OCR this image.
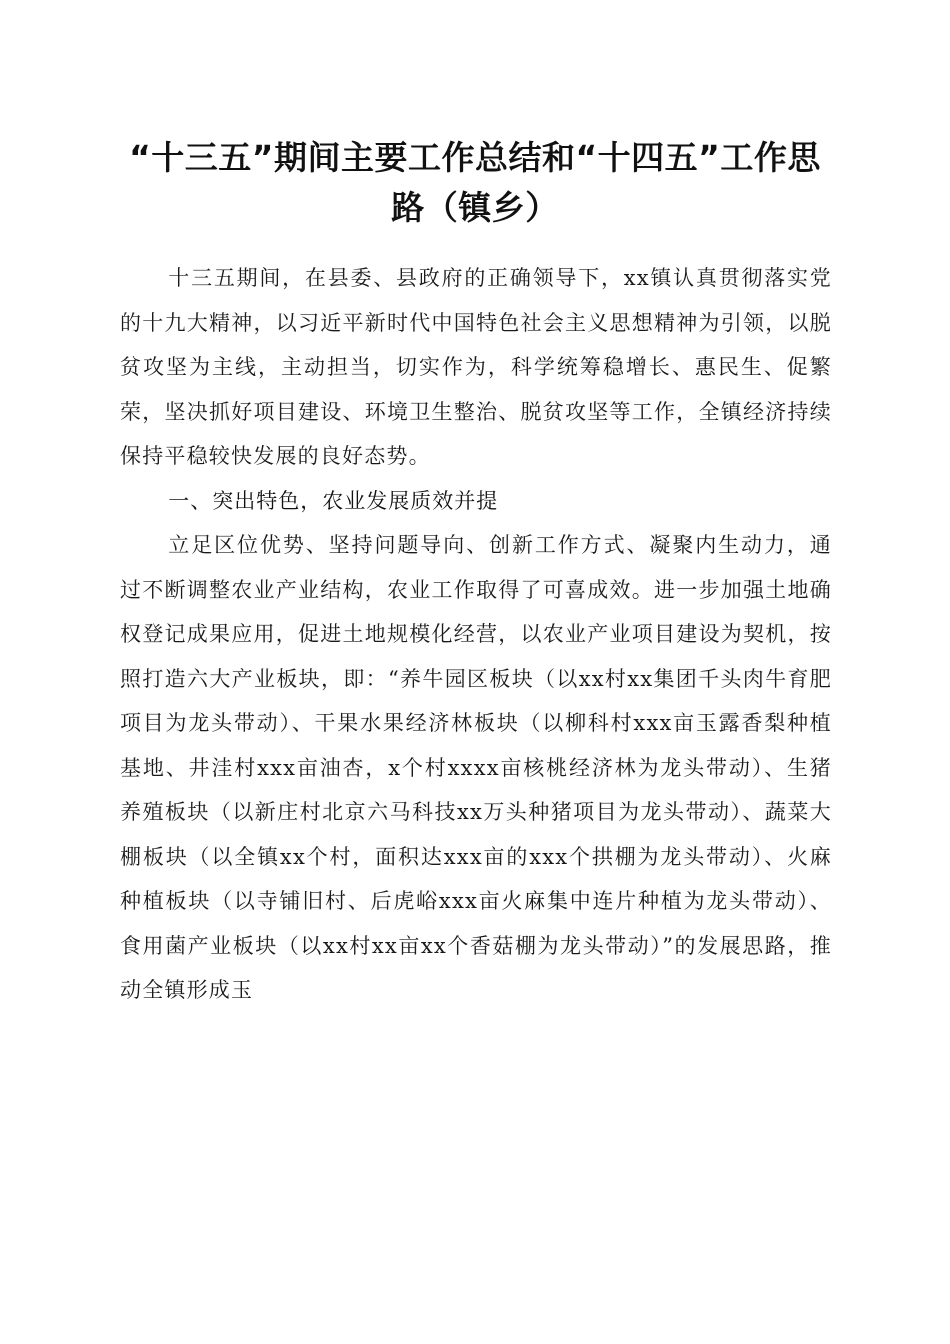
“十三五”期间主要工作总结和“十四五”工作思路（镇乡）

十三五期间，在县委、县政府的正确领导下，xx镇认真贯彻落实党的十九大精神，以习近平新时代中国特色社会主义思想精神为引领，以脱贫攻坚为主线，主动担当，切实作为，科学统筹稳增长、惠民生、促繁荣，坚决抓好项目建设、环境卫生整治、脱贫攻坚等工作，全镇经济持续保持平稳较快发展的良好态势。

一、突出特色，农业发展质效并提

立足区位优势、坚持问题导向、创新工作方式、凝聚内生动力，通过不断调整农业产业结构，农业工作取得了可喜成效。进一步加强土地确权登记成果应用，促进土地规模化经营，以农业产业项目建设为契机，按照打造六大产业板块，即：“养牛园区板块（以xx村xx集团千头肉牛育肥项目为龙头带动）、干果水果经济林板块（以柳科村xxx亩玉露香梨种植基地、井洼村xxx亩油杏，x个村xxxx亩核桃经济林为龙头带动）、生猪养殖板块（以新庄村北京六马科技xx万头种猪项目为龙头带动）、蔬菜大棚板块（以全镇xx个村，面积达xxx亩的xxx个拱棚为龙头带动）、火麻种植板块（以寺铺旧村、后虎峪xxx亩火麻集中连片种植为龙头带动）、食用菌产业板块（以xx村xx亩xx个香菇棚为龙头带动）”的发展思路，推动全镇形成玉
